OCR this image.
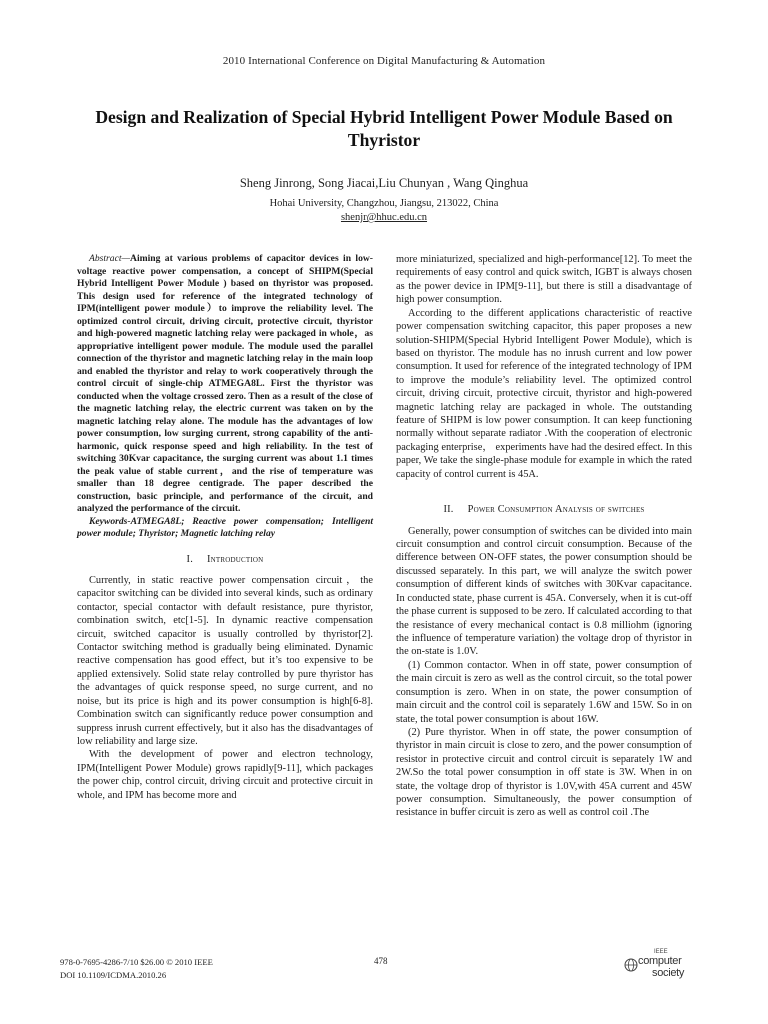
2010 International Conference on Digital Manufacturing & Automation
Design and Realization of Special Hybrid Intelligent Power Module Based on Thyristor
Sheng Jinrong, Song Jiacai,Liu Chunyan , Wang Qinghua
Hohai University, Changzhou, Jiangsu, 213022, China
shenjr@hhuc.edu.cn

Abstract—Aiming at various problems of capacitor devices in low-voltage reactive power compensation, a concept of SHIPM(Special Hybrid Intelligent Power Module ) based on thyristor was proposed. This design used for reference of the integrated technology of IPM(intelligent power module）to improve the reliability level. The optimized control circuit, driving circuit, protective circuit, thyristor and high-powered magnetic latching relay were packaged in whole，as appropriative intelligent power module. The module used the parallel connection of the thyristor and magnetic latching relay in the main loop and enabled the thyristor and relay to work cooperatively through the control circuit of single-chip ATMEGA8L. First the thyristor was conducted when the voltage crossed zero. Then as a result of the close of the magnetic latching relay, the electric current was taken on by the magnetic latching relay alone. The module has the advantages of low power consumption, low surging current, strong capability of the anti-harmonic, quick response speed and high reliability. In the test of switching 30Kvar capacitance, the surging current was about 1.1 times the peak value of stable current，and the rise of temperature was smaller than 18 degree centigrade. The paper described the construction, basic principle, and performance of the circuit, and analyzed the performance of the circuit.

Keywords-ATMEGA8L; Reactive power compensation; Intelligent power module; Thyristor; Magnetic latching relay

I. Introduction

Currently, in static reactive power compensation circuit，the capacitor switching can be divided into several kinds, such as ordinary contactor, special contactor with default resistance, pure thyristor, combination switch, etc[1-5]. In dynamic reactive compensation circuit, switched capacitor is usually controlled by thyristor[2]. Contactor switching method is gradually being eliminated. Dynamic reactive compensation has good effect, but it’s too expensive to be applied extensively. Solid state relay controlled by pure thyristor has the advantages of quick response speed, no surge current, and no noise, but its price is high and its power consumption is high[6-8]. Combination switch can significantly reduce power consumption and suppress inrush current effectively, but it also has the disadvantages of low reliability and large size.

With the development of power and electron technology, IPM(Intelligent Power Module) grows rapidly[9-11], which packages the power chip, control circuit, driving circuit and protective circuit in whole, and IPM has become more and

more miniaturized, specialized and high-performance[12]. To meet the requirements of easy control and quick switch, IGBT is always chosen as the power device in IPM[9-11], but there is still a disadvantage of high power consumption.

According to the different applications characteristic of reactive power compensation switching capacitor, this paper proposes a new solution-SHIPM(Special Hybrid Intelligent Power Module), which is based on thyristor. The module has no inrush current and low power consumption. It used for reference of the integrated technology of IPM to improve the module’s reliability level. The optimized control circuit, driving circuit, protective circuit, thyristor and high-powered magnetic latching relay are packaged in whole. The outstanding feature of SHIPM is low power consumption. It can keep functioning normally without separate radiator .With the cooperation of electronic packaging enterprise， experiments have had the desired effect. In this paper, We take the single-phase module for example in which the rated capacity of control current is 45A.

II. Power Consumption Analysis of switches

Generally, power consumption of switches can be divided into main circuit consumption and control circuit consumption. Because of the difference between ON-OFF states, the power consumption should be discussed separately. In this part, we will analyze the switch power consumption of different kinds of switches with 30Kvar capacitance. In conducted state, phase current is 45A. Conversely, when it is cut-off the phase current is supposed to be zero. If calculated according to that the resistance of every mechanical contact is 0.8 milliohm (ignoring the influence of temperature variation) the voltage drop of thyristor in the on-state is 1.0V.

(1) Common contactor. When in off state, power consumption of the main circuit is zero as well as the control circuit, so the total power consumption is zero. When in on state, the power consumption of main circuit and the control coil is separately 1.6W and 15W. So in on state, the total power consumption is about 16W.

(2) Pure thyristor. When in off state, the power consumption of thyristor in main circuit is close to zero, and the power consumption of resistor in protective circuit and control circuit is separately 1W and 2W.So the total power consumption in off state is 3W. When in on state, the voltage drop of thyristor is 1.0V,with 45A current and 45W power consumption. Simultaneously, the power consumption of resistance in buffer circuit is zero as well as control coil .The

978-0-7695-4286-7/10 $26.00 © 2010 IEEE
DOI 10.1109/ICDMA.2010.26
478
IEEE
computer
society
